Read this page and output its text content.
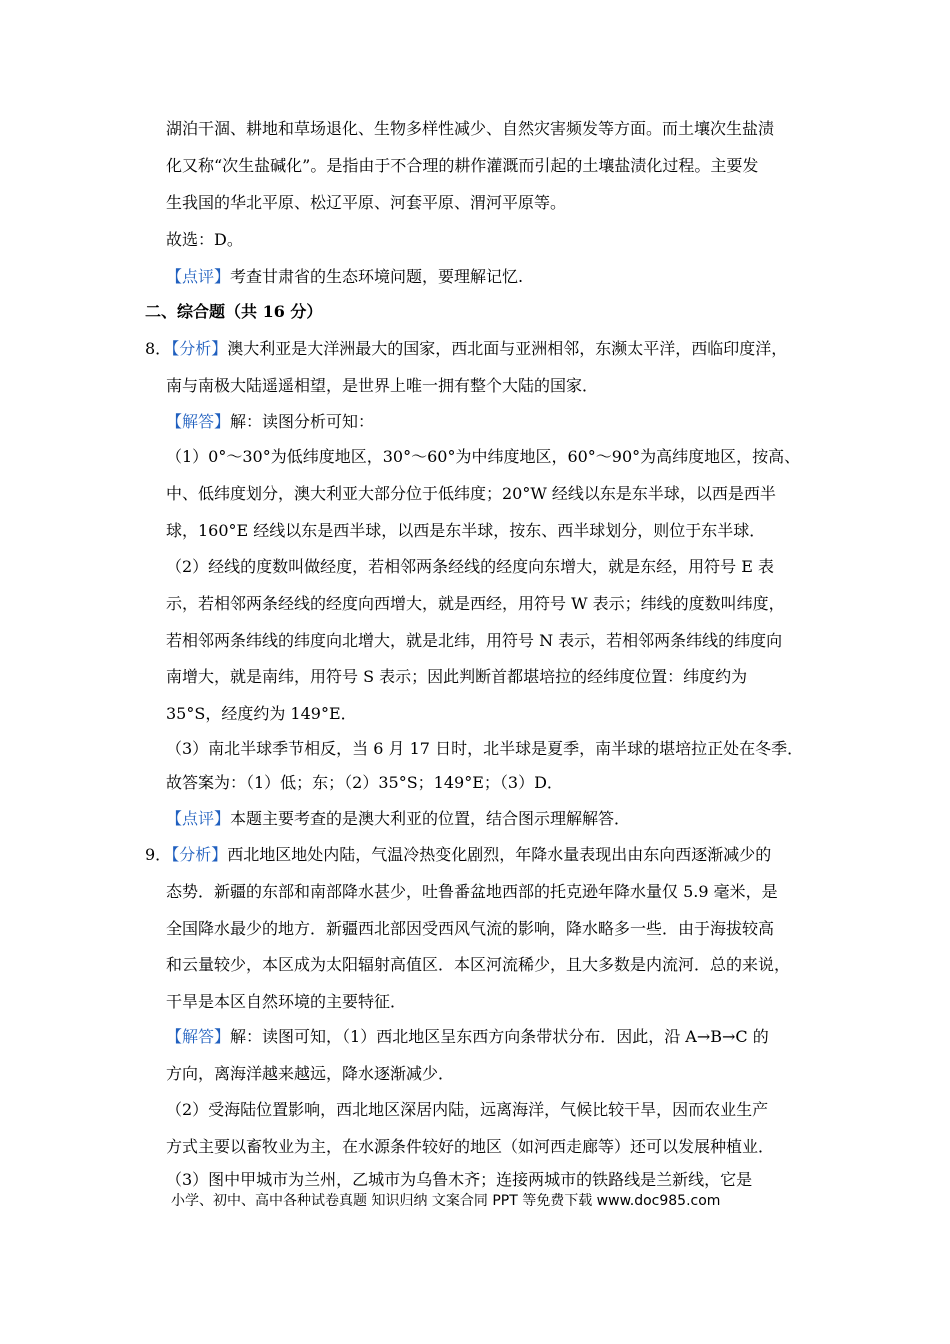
湖泊干涸、耕地和草场退化、生物多样性减少、自然灾害频发等方面。而土壤次生盐渍
化又称“次生盐碱化”。是指由于不合理的耕作灌溉而引起的土壤盐渍化过程。主要发
生我国的华北平原、松辽平原、河套平原、渭河平原等。
故选：D。
【点评】考查甘肃省的生态环境问题，要理解记忆.
二、综合题（共 16 分）
8．【分析】澳大利亚是大洋洲最大的国家，西北面与亚洲相邻，东濒太平洋，西临印度洋，
南与南极大陆遥遥相望，是世界上唯一拥有整个大陆的国家．
【解答】解：读图分析可知：
（1）0°～30°为低纬度地区，30°～60°为中纬度地区，60°～90°为高纬度地区，按高、
中、低纬度划分，澳大利亚大部分位于低纬度；20°W 经线以东是东半球，以西是西半
球，160°E 经线以东是西半球，以西是东半球，按东、西半球划分，则位于东半球．
（2）经线的度数叫做经度，若相邻两条经线的经度向东增大，就是东经，用符号 E 表
示，若相邻两条经线的经度向西增大，就是西经，用符号 W 表示；纬线的度数叫纬度，
若相邻两条纬线的纬度向北增大，就是北纬，用符号 N 表示，若相邻两条纬线的纬度向
南增大，就是南纬，用符号 S 表示；因此判断首都堪培拉的经纬度位置：纬度约为
35°S，经度约为 149°E．
（3）南北半球季节相反，当 6 月 17 日时，北半球是夏季，南半球的堪培拉正处在冬季．
故答案为：（1）低；东；（2）35°S；149°E；（3）D．
【点评】本题主要考查的是澳大利亚的位置，结合图示理解解答．
9．【分析】西北地区地处内陆，气温冷热变化剧烈，年降水量表现出由东向西逐渐减少的
态势．新疆的东部和南部降水甚少，吐鲁番盆地西部的托克逊年降水量仅 5.9 毫米，是
全国降水最少的地方．新疆西北部因受西风气流的影响，降水略多一些．由于海拔较高
和云量较少，本区成为太阳辐射高值区．本区河流稀少，且大多数是内流河．总的来说，
干旱是本区自然环境的主要特征．
【解答】解：读图可知，（1）西北地区呈东西方向条带状分布．因此，沿 A→B→C 的
方向，离海洋越来越远，降水逐渐减少．
（2）受海陆位置影响，西北地区深居内陆，远离海洋，气候比较干旱，因而农业生产
方式主要以畜牧业为主，在水源条件较好的地区（如河西走廊等）还可以发展种植业．
（3）图中甲城市为兰州，乙城市为乌鲁木齐；连接两城市的铁路线是兰新线，它是
小学、初中、高中各种试卷真题 知识归纳 文案合同 PPT 等免费下载 www.doc985.com
